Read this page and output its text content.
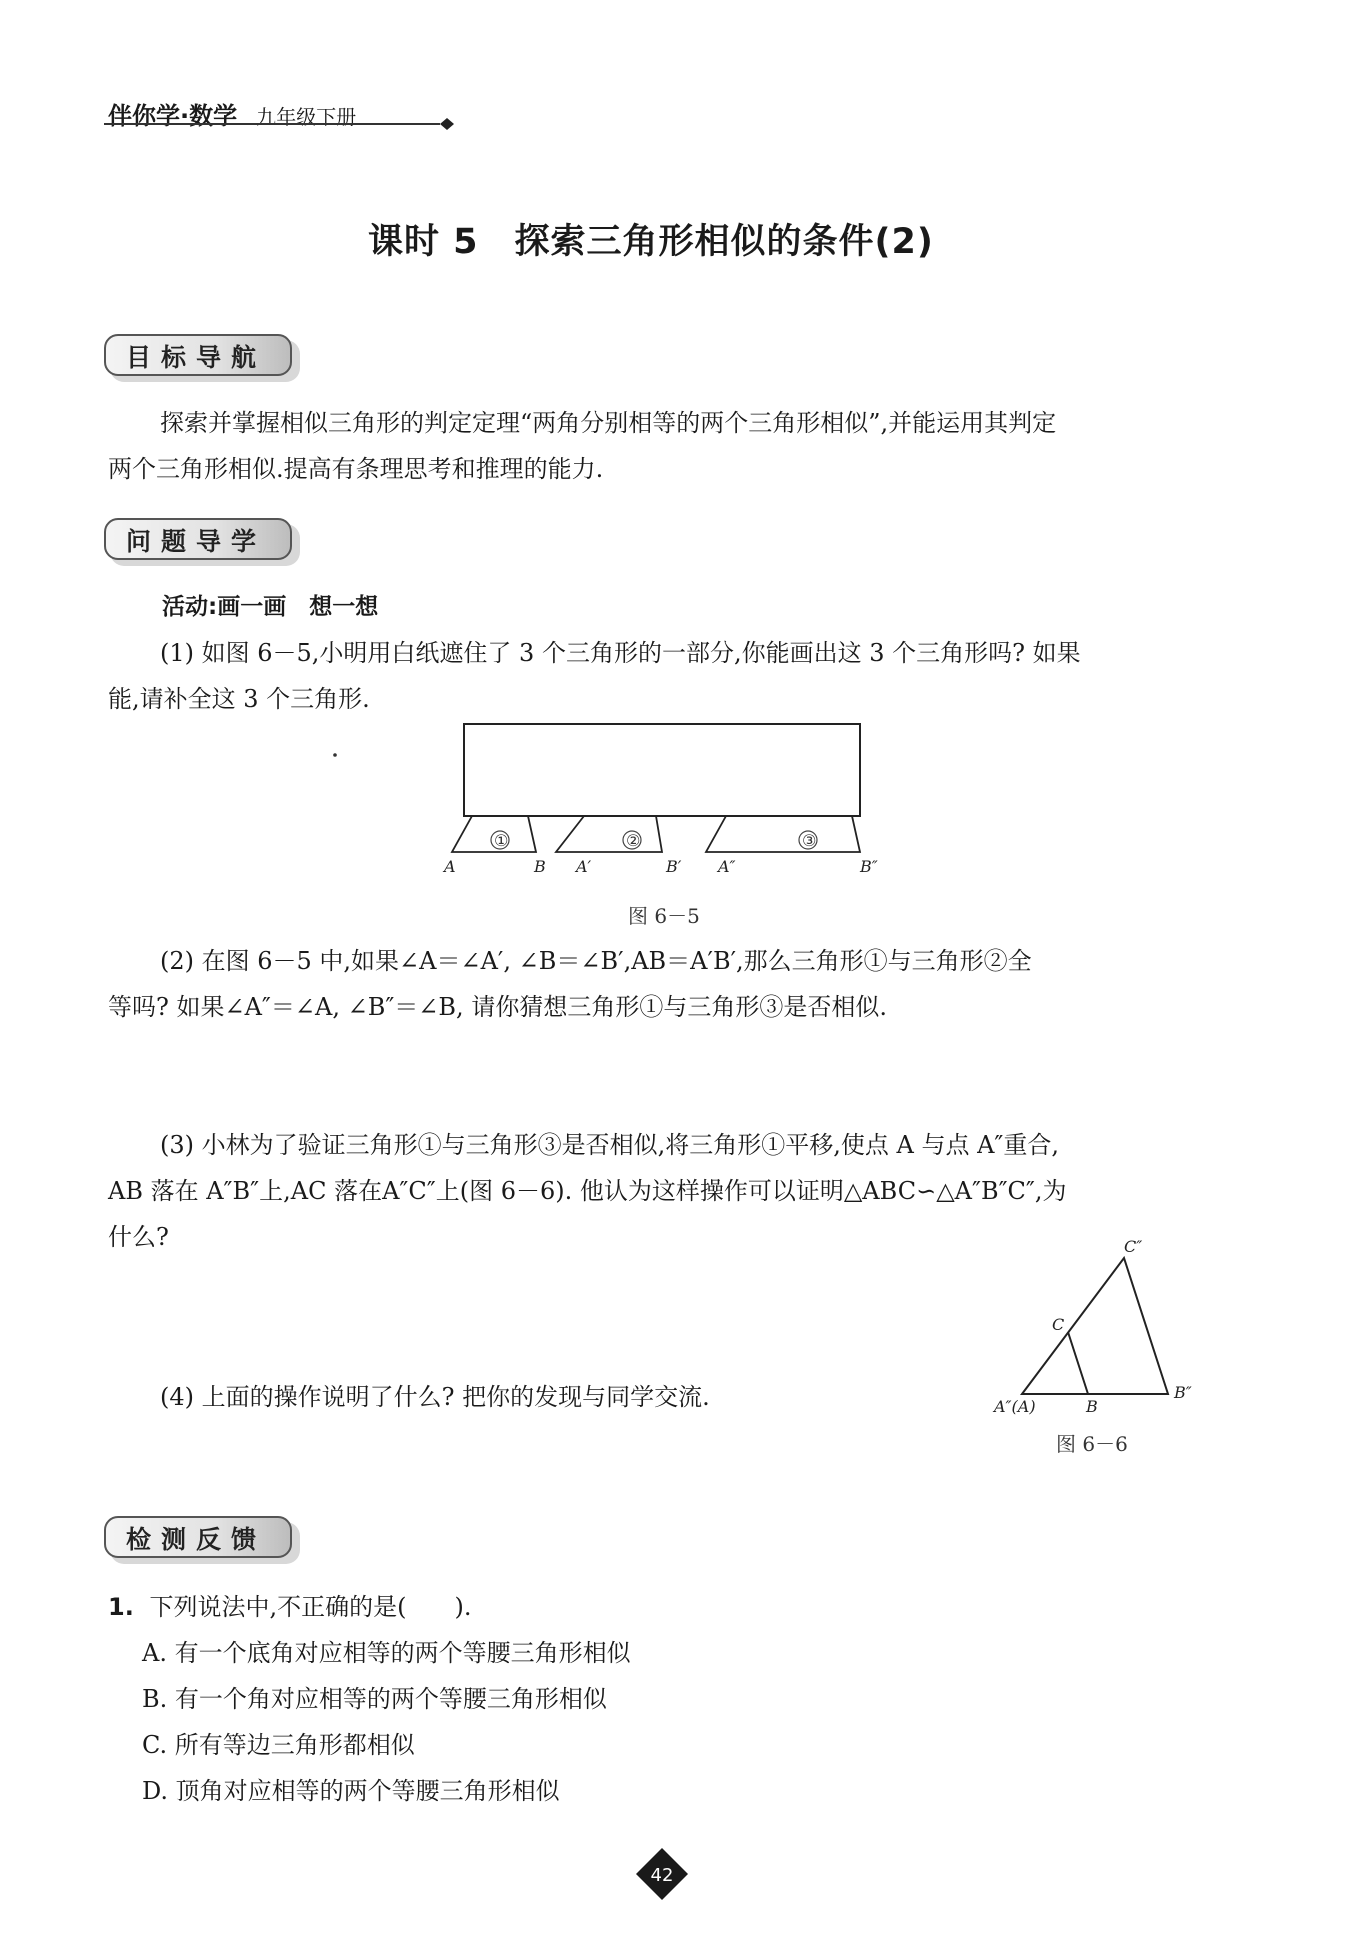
伴你学·数学 九年级下册
课时 5　探索三角形相似的条件(2)
目标导航
探索并掌握相似三角形的判定定理“两角分别相等的两个三角形相似”,并能运用其判定
两个三角形相似.提高有条理思考和推理的能力.
问题导学
活动:画一画　想一想
(1) 如图 6－5,小明用白纸遮住了 3 个三角形的一部分,你能画出这 3 个三角形吗? 如果
能,请补全这 3 个三角形.
①	②	③
A	B A′	B′ A″	B″
图 6－5
(2) 在图 6－5 中,如果∠A＝∠A′, ∠B＝∠B′,AB＝A′B′,那么三角形①与三角形②全
等吗? 如果∠A″＝∠A, ∠B″＝∠B, 请你猜想三角形①与三角形③是否相似.
(3) 小林为了验证三角形①与三角形③是否相似,将三角形①平移,使点 A 与点 A″重合,
AB 落在 A″B″上,AC 落在A″C″上(图 6－6). 他认为这样操作可以证明△ABC∽△A″B″C″,为
什么?
(4) 上面的操作说明了什么? 把你的发现与同学交流.
C″
C
A″(A)	B
B″
图 6－6
检测反馈
1. 下列说法中,不正确的是(　　).
A. 有一个底角对应相等的两个等腰三角形相似
B. 有一个角对应相等的两个等腰三角形相似
C. 所有等边三角形都相似
D. 顶角对应相等的两个等腰三角形相似
42
